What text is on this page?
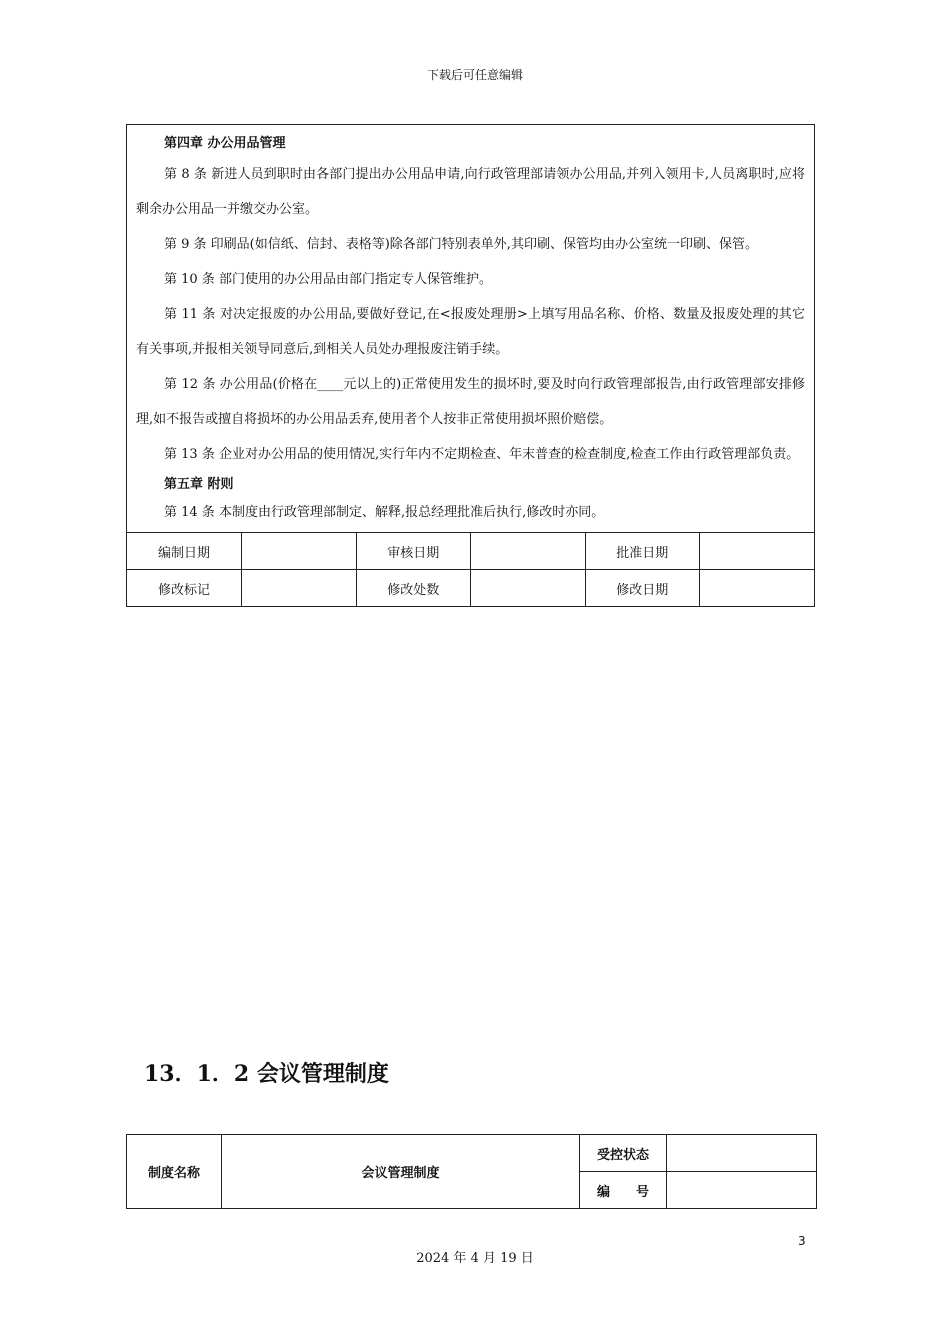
下载后可任意编辑
第四章 办公用品管理

第 8 条 新进人员到职时由各部门提出办公用品申请,向行政管理部请领办公用品,并列入领用卡,人员离职时,应将剩余办公用品一并缴交办公室。

第 9 条 印刷品(如信纸、信封、表格等)除各部门特别表单外,其印刷、保管均由办公室统一印刷、保管。

第 10 条 部门使用的办公用品由部门指定专人保管维护。

第 11 条 对决定报废的办公用品,要做好登记,在<报废处理册>上填写用品名称、价格、数量及报废处理的其它有关事项,并报相关领导同意后,到相关人员处办理报废注销手续。

第 12 条 办公用品(价格在____元以上的)正常使用发生的损坏时,要及时向行政管理部报告,由行政管理部安排修理,如不报告或擅自将损坏的办公用品丢弃,使用者个人按非正常使用损坏照价赔偿。

第 13 条 企业对办公用品的使用情况,实行年内不定期检查、年末普查的检查制度,检查工作由行政管理部负责。

第五章 附则

第 14 条 本制度由行政管理部制定、解释,报总经理批准后执行,修改时亦同。

编制日期		审核日期		批准日期	
修改标记		修改处数		修改日期	
13．1．2 会议管理制度
制度名称	会议管理制度	受控状态	
		编　　号	
3
2024 年 4 月 19 日
